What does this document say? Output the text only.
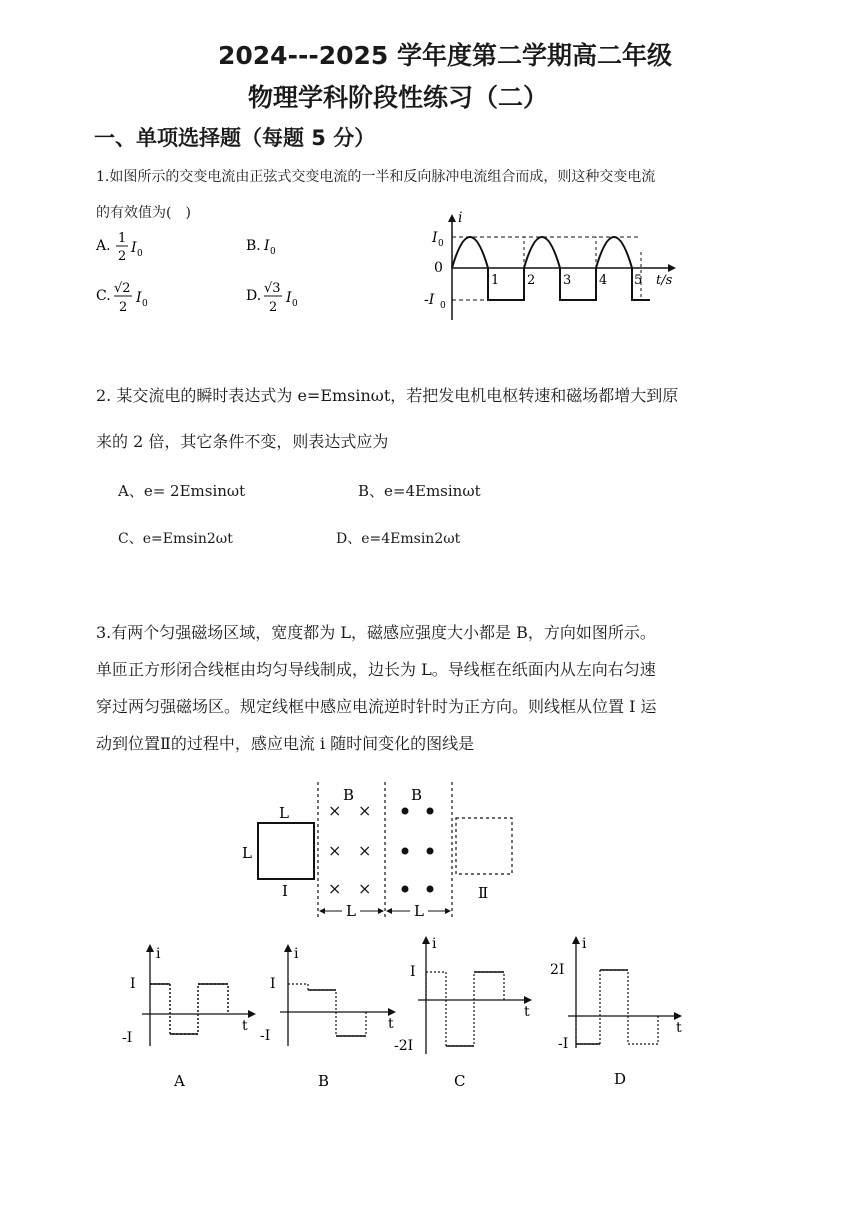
2024---2025 学年度第二学期高二年级
物理学科阶段性练习（二）
一、单项选择题（每题 5 分）
1.如图所示的交变电流由正弦式交变电流的一半和反向脉冲电流组合而成，则这种交变电流
的有效值为(　)
A. 1
2
I 0	B. I 0
C. √2
2
I 0	D. √3
2
I 0
i
t/s
I 0
0
-I 0
1 2 3 4 5
2. 某交流电的瞬时表达式为 e=Emsinωt，若把发电机电枢转速和磁场都增大到原
来的 2 倍，其它条件不变，则表达式应为
A、e= 2Emsinωt	B、e=4Emsinωt
C、e=Emsin2ωt	D、e=4Emsin2ωt
3.有两个匀强磁场区域，宽度都为 L，磁感应强度大小都是 B，方向如图所示。
单匝正方形闭合线框由均匀导线制成，边长为 L。导线框在纸面内从左向右匀速
穿过两匀强磁场区。规定线框中感应电流逆时针时为正方向。则线框从位置 I 运
动到位置Ⅱ的过程中，感应电流 i 随时间变化的图线是
L
L
I
B	B
× ×
× ×
× ×	Ⅱ
L	L
i
t
I
-I
A
i
t
I
-I
B
i
t
I
-2I
C
i
t
2I
-I
D
